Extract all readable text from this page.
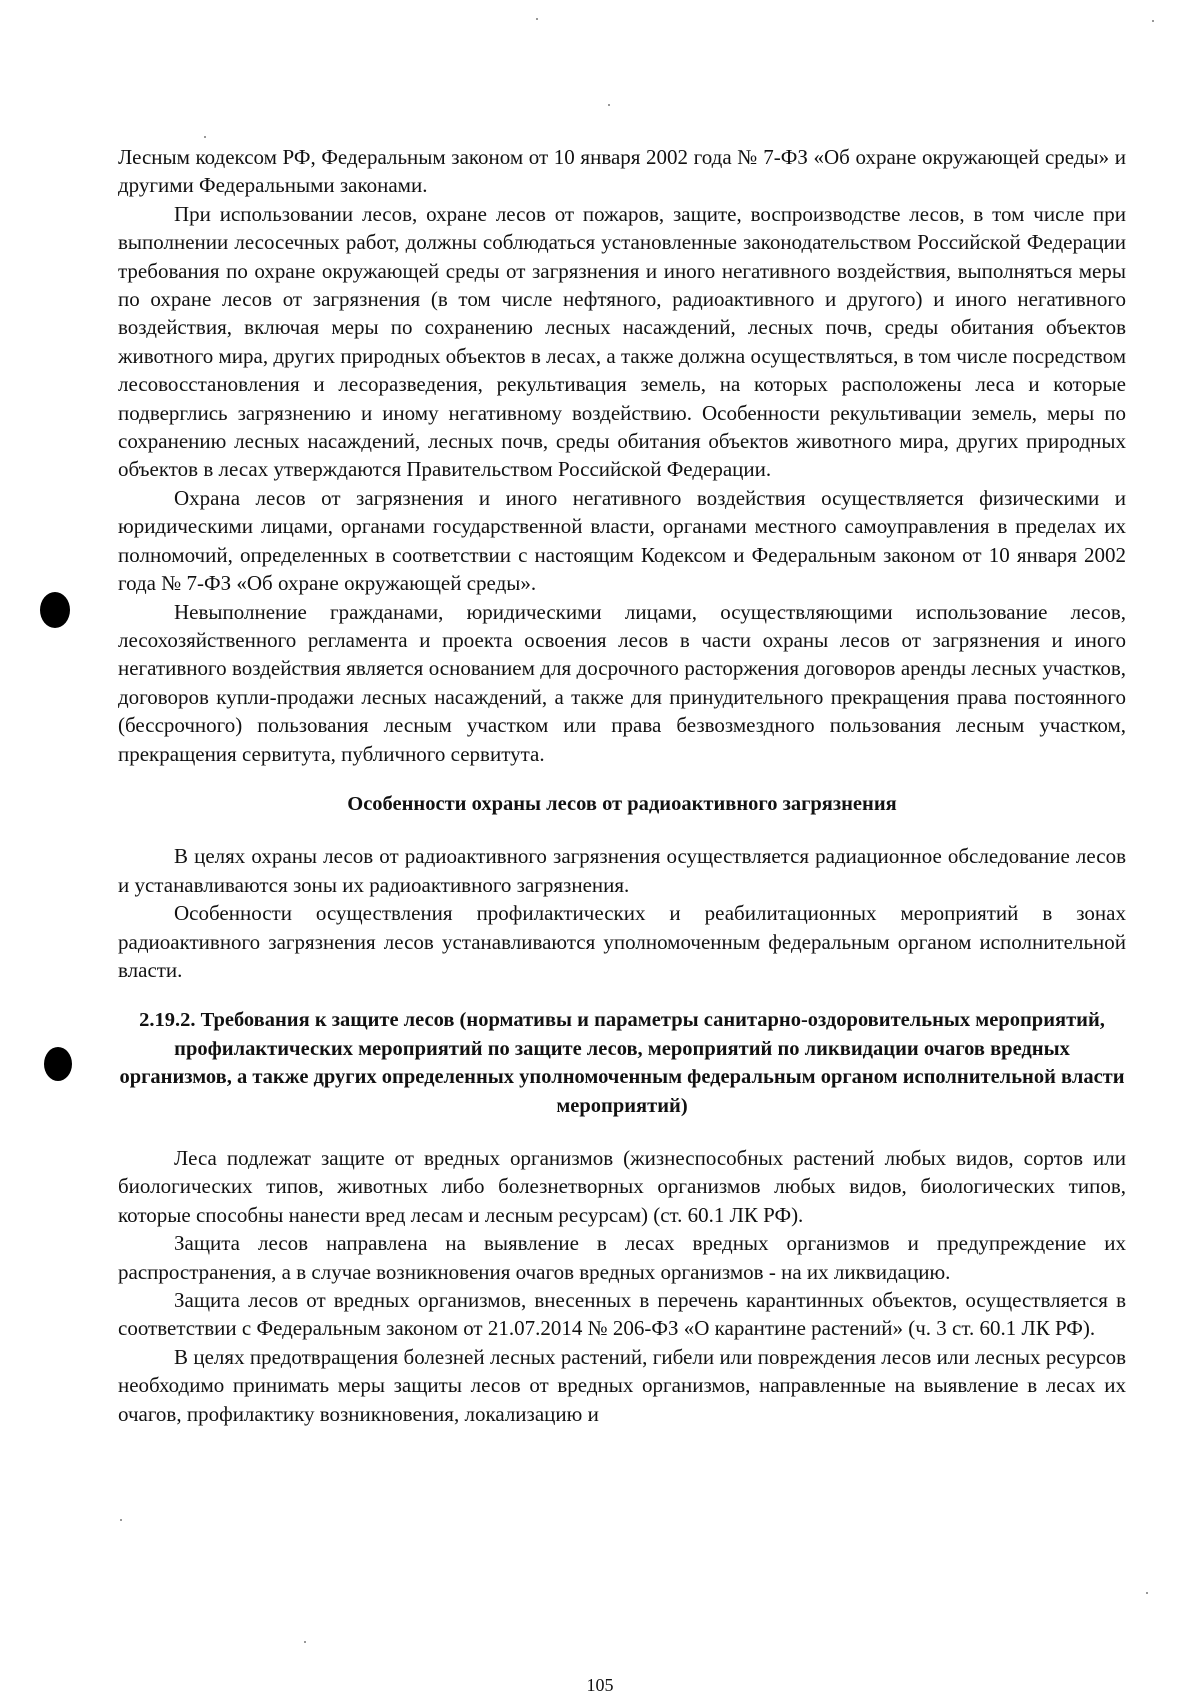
Лесным кодексом РФ, Федеральным законом от 10 января 2002 года № 7-ФЗ «Об охране окружающей среды» и другими Федеральными законами.

При использовании лесов, охране лесов от пожаров, защите, воспроизводстве лесов, в том числе при выполнении лесосечных работ, должны соблюдаться установленные законодательством Российской Федерации требования по охране окружающей среды от загрязнения и иного негативного воздействия, выполняться меры по охране лесов от загрязнения (в том числе нефтяного, радиоактивного и другого) и иного негативного воздействия, включая меры по сохранению лесных насаждений, лесных почв, среды обитания объектов животного мира, других природных объектов в лесах, а также должна осуществляться, в том числе посредством лесовосстановления и лесоразведения, рекультивация земель, на которых расположены леса и которые подверглись загрязнению и иному негативному воздействию. Особенности рекультивации земель, меры по сохранению лесных насаждений, лесных почв, среды обитания объектов животного мира, других природных объектов в лесах утверждаются Правительством Российской Федерации.

Охрана лесов от загрязнения и иного негативного воздействия осуществляется физическими и юридическими лицами, органами государственной власти, органами местного самоуправления в пределах их полномочий, определенных в соответствии с настоящим Кодексом и Федеральным законом от 10 января 2002 года № 7-ФЗ «Об охране окружающей среды».

Невыполнение гражданами, юридическими лицами, осуществляющими использование лесов, лесохозяйственного регламента и проекта освоения лесов в части охраны лесов от загрязнения и иного негативного воздействия является основанием для досрочного расторжения договоров аренды лесных участков, договоров купли-продажи лесных насаждений, а также для принудительного прекращения права постоянного (бессрочного) пользования лесным участком или права безвозмездного пользования лесным участком, прекращения сервитута, публичного сервитута.

Особенности охраны лесов от радиоактивного загрязнения

В целях охраны лесов от радиоактивного загрязнения осуществляется радиационное обследование лесов и устанавливаются зоны их радиоактивного загрязнения.

Особенности осуществления профилактических и реабилитационных мероприятий в зонах радиоактивного загрязнения лесов устанавливаются уполномоченным федеральным органом исполнительной власти.

2.19.2. Требования к защите лесов (нормативы и параметры санитарно-оздоровительных мероприятий, профилактических мероприятий по защите лесов, мероприятий по ликвидации очагов вредных организмов, а также других определенных уполномоченным федеральным органом исполнительной власти мероприятий)

Леса подлежат защите от вредных организмов (жизнеспособных растений любых видов, сортов или биологических типов, животных либо болезнетворных организмов любых видов, биологических типов, которые способны нанести вред лесам и лесным ресурсам) (ст. 60.1 ЛК РФ).

Защита лесов направлена на выявление в лесах вредных организмов и предупреждение их распространения, а в случае возникновения очагов вредных организмов - на их ликвидацию.

Защита лесов от вредных организмов, внесенных в перечень карантинных объектов, осуществляется в соответствии с Федеральным законом от 21.07.2014 № 206-ФЗ «О карантине растений» (ч. 3 ст. 60.1 ЛК РФ).

В целях предотвращения болезней лесных растений, гибели или повреждения лесов или лесных ресурсов необходимо принимать меры защиты лесов от вредных организмов, направленные на выявление в лесах их очагов, профилактику возникновения, локализацию и

105
